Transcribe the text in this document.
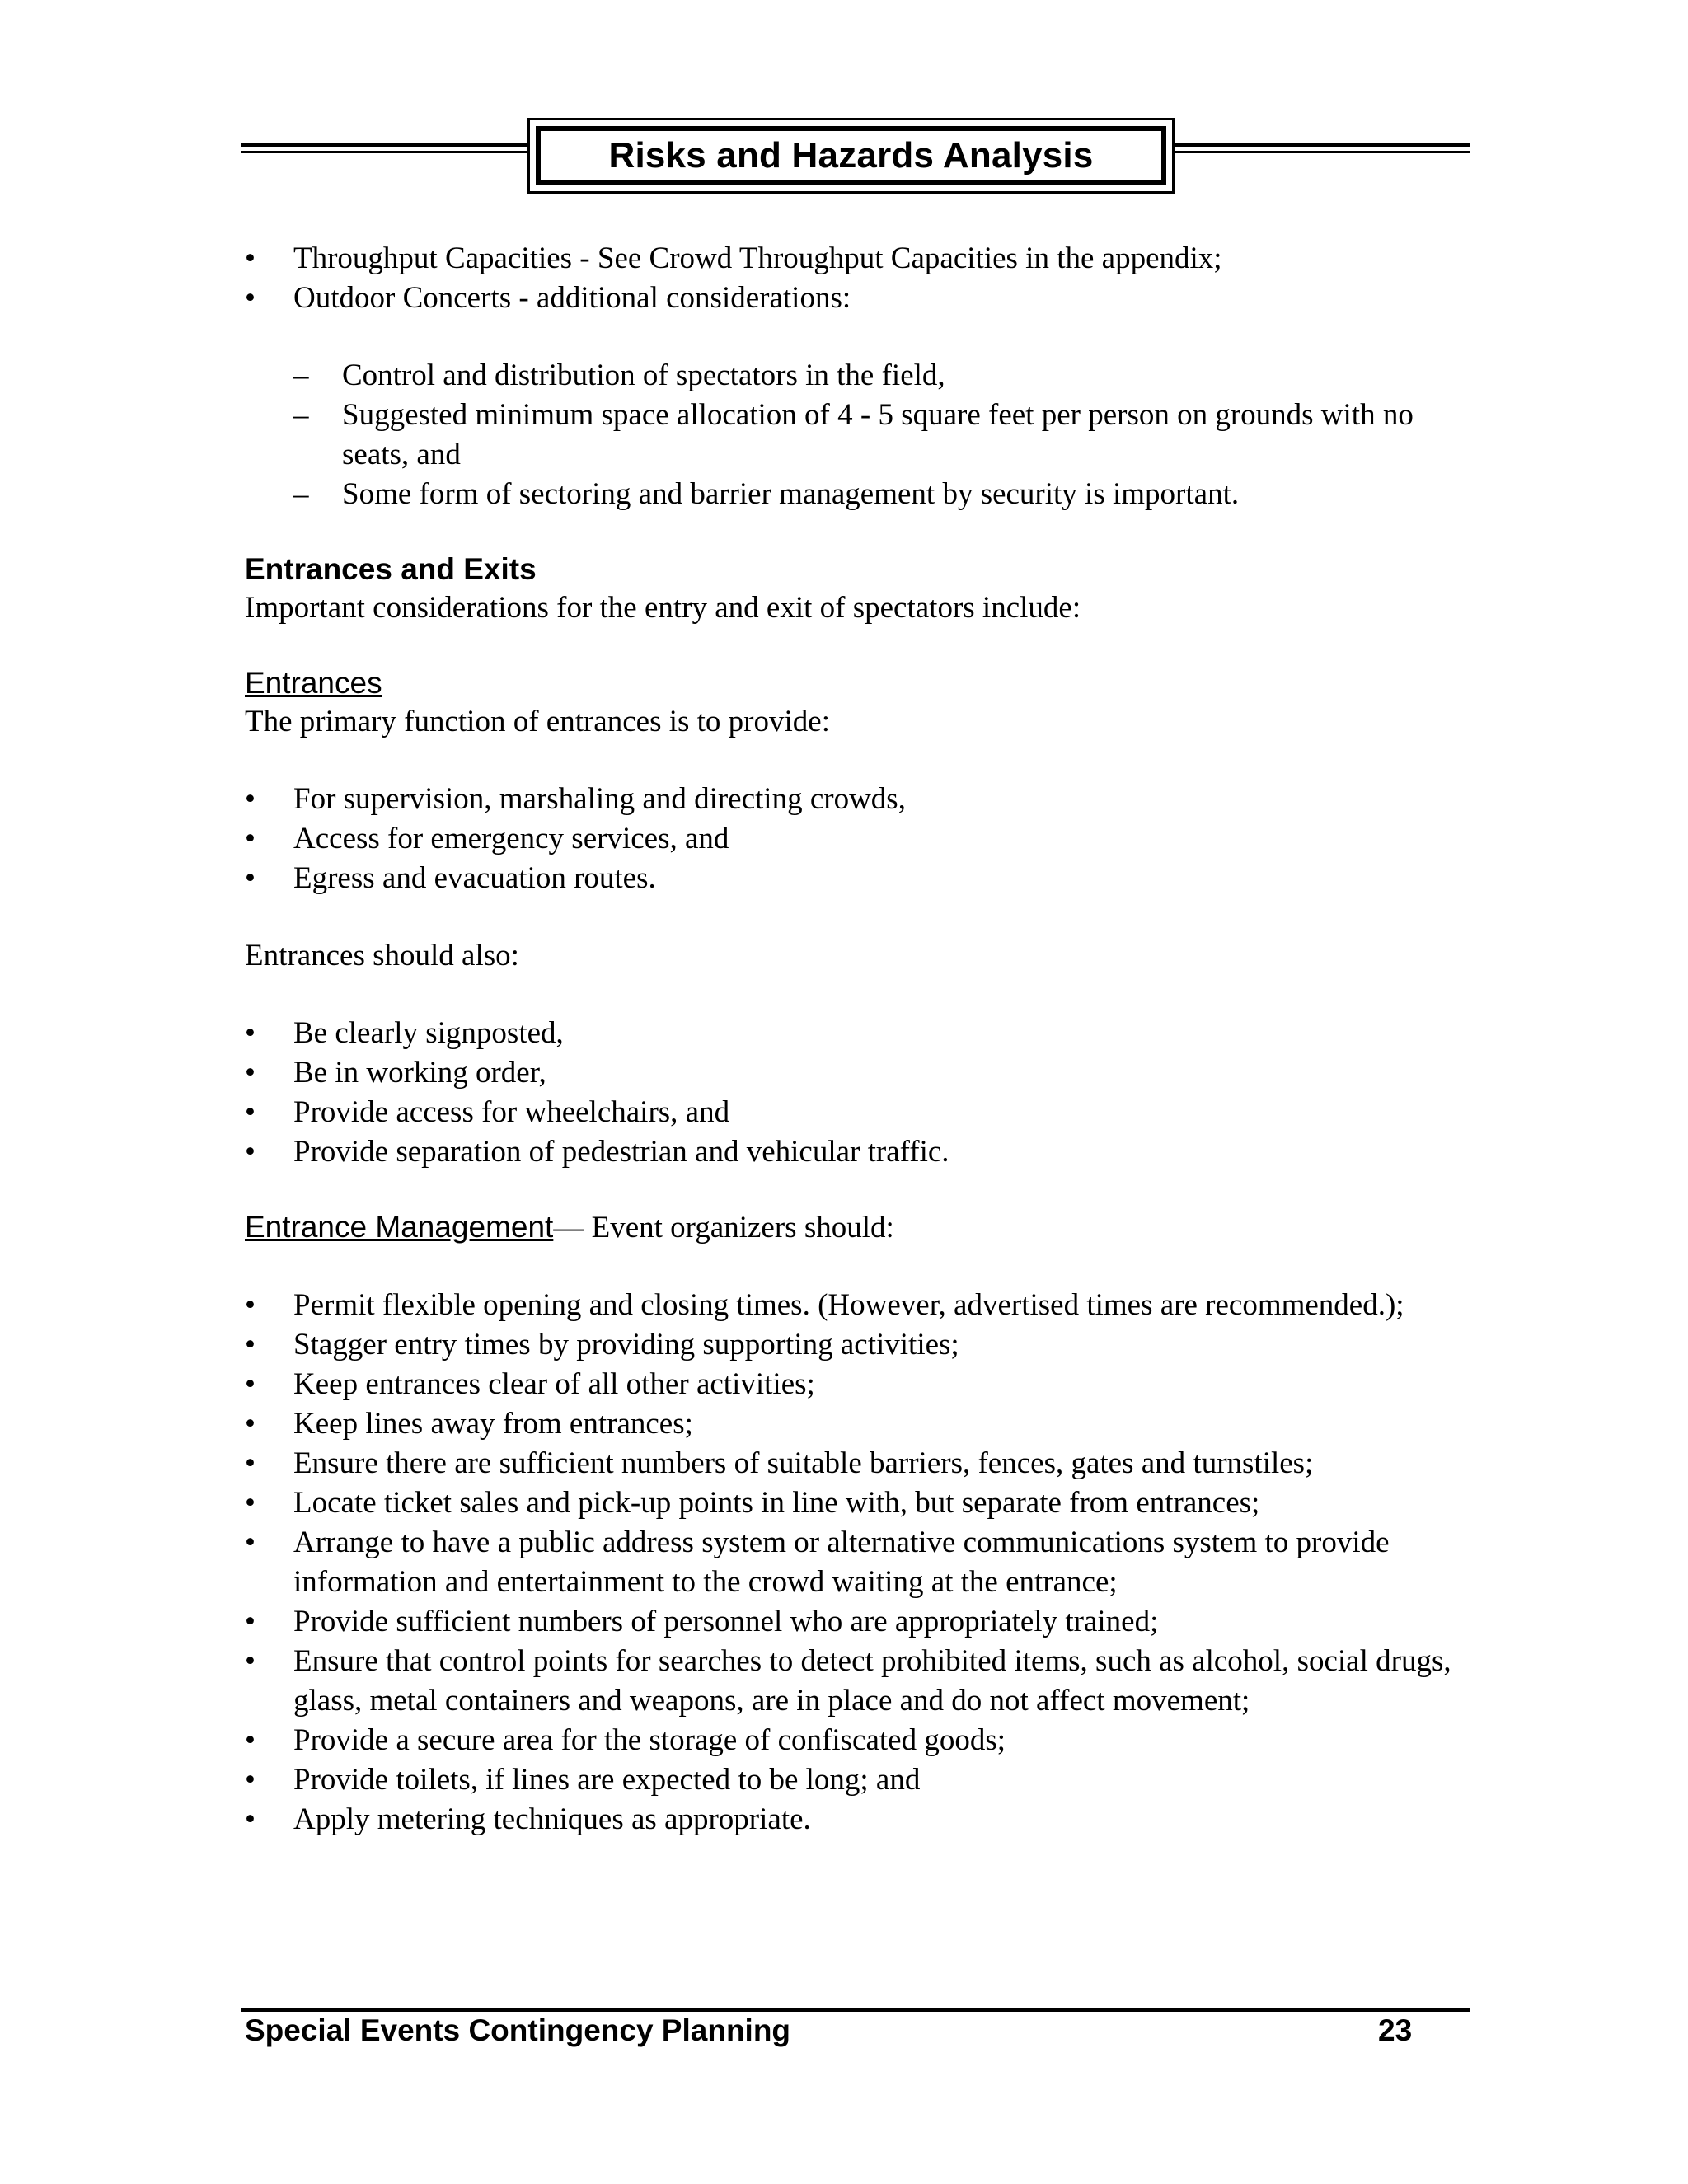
Risks and Hazards Analysis
•	Throughput Capacities - See Crowd Throughput Capacities in the appendix;
•	Outdoor Concerts - additional considerations:
– Control and distribution of spectators in the field,
– Suggested minimum space allocation of 4 - 5 square feet per person on grounds with no seats, and
– Some form of sectoring and barrier management by security is important.
Entrances and Exits
Important considerations for the entry and exit of spectators include:
Entrances
The primary function of entrances is to provide:
•	For supervision, marshaling and directing crowds,
•	Access for emergency services, and
•	Egress and evacuation routes.
Entrances should also:
•	Be clearly signposted,
•	Be in working order,
•	Provide access for wheelchairs, and
•	Provide separation of pedestrian and vehicular traffic.
Entrance Management— Event organizers should:
•	Permit flexible opening and closing times. (However, advertised times are recommended.);
•	Stagger entry times by providing supporting activities;
•	Keep entrances clear of all other activities;
•	Keep lines away from entrances;
•	Ensure there are sufficient numbers of suitable barriers, fences, gates and turnstiles;
•	Locate ticket sales and pick-up points in line with, but separate from entrances;
•	Arrange to have a public address system or alternative communications system to provide information and entertainment to the crowd waiting at the entrance;
•	Provide sufficient numbers of personnel who are appropriately trained;
•	Ensure that control points for searches to detect prohibited items, such as alcohol, social drugs, glass, metal containers and weapons, are in place and do not affect movement;
•	Provide a secure area for the storage of confiscated goods;
•	Provide toilets, if lines are expected to be long; and
•	Apply metering techniques as appropriate.
Special Events Contingency Planning	23
